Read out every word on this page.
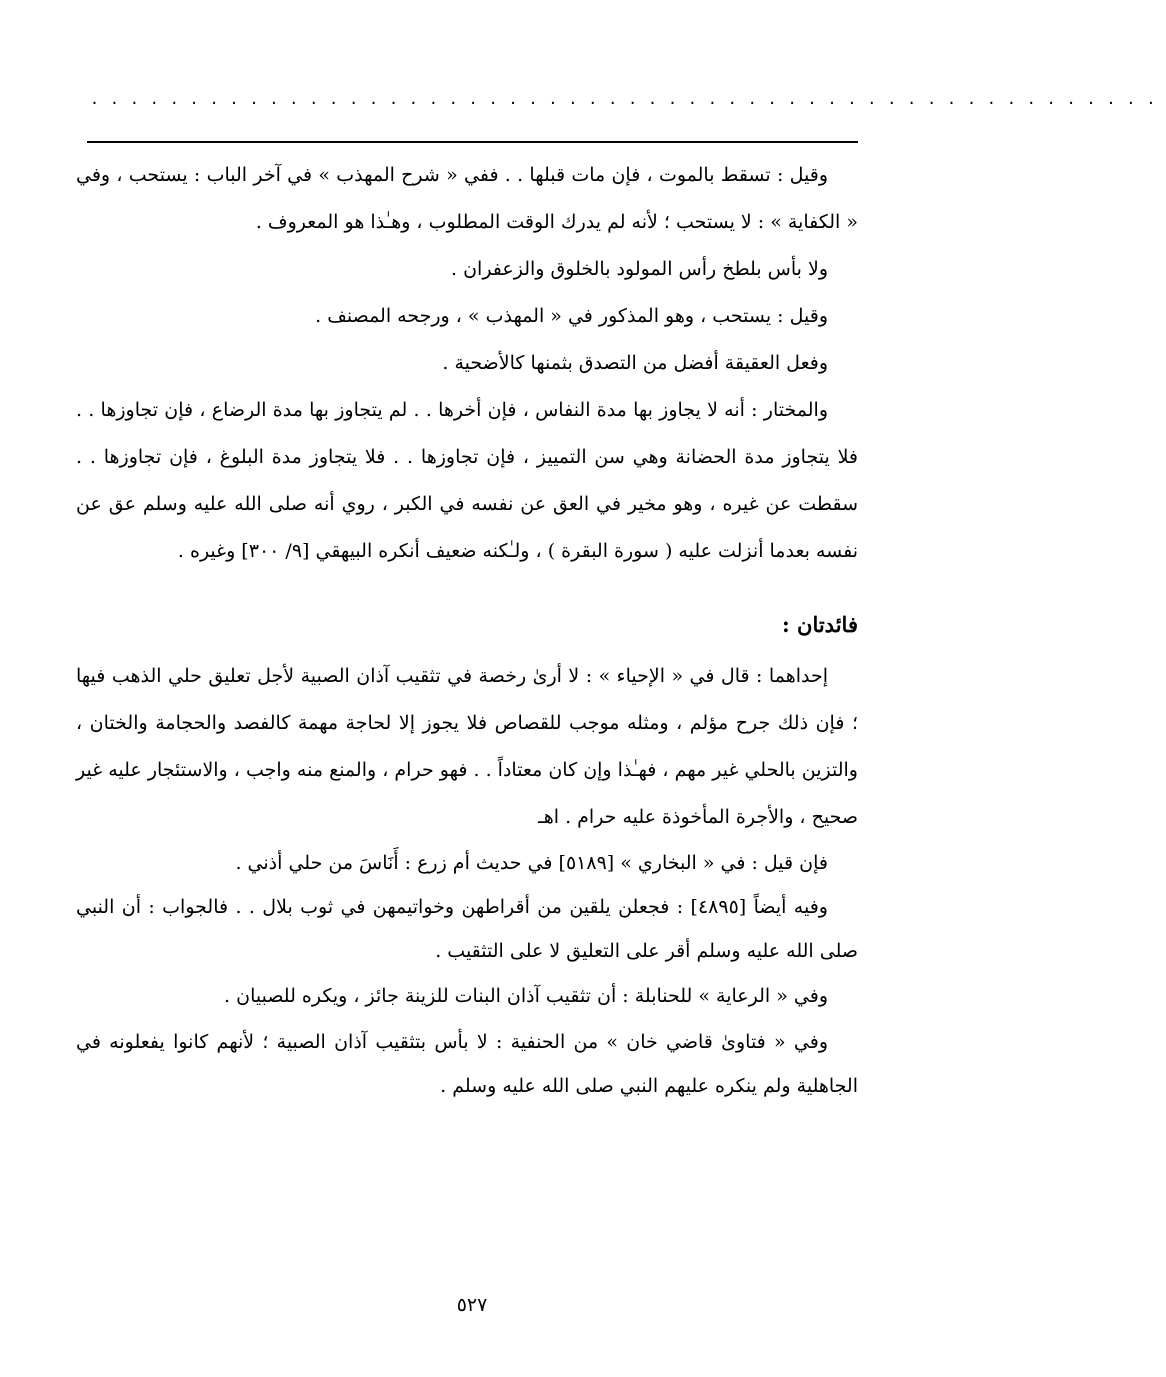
......................................................

وقيل : تسقط بالموت ، فإن مات قبلها . . ففي « شرح المهذب » في آخر الباب : يستحب ، وفي « الكفاية » : لا يستحب ؛ لأنه لم يدرك الوقت المطلوب ، وهـٰذا هو المعروف .

ولا بأس بلطخ رأس المولود بالخلوق والزعفران .

وقيل : يستحب ، وهو المذكور في « المهذب » ، ورجحه المصنف .

وفعل العقيقة أفضل من التصدق بثمنها كالأضحية .

والمختار : أنه لا يجاوز بها مدة النفاس ، فإن أخرها . . لم يتجاوز بها مدة الرضاع ، فإن تجاوزها . . فلا يتجاوز مدة الحضانة وهي سن التمييز ، فإن تجاوزها . . فلا يتجاوز مدة البلوغ ، فإن تجاوزها . . سقطت عن غيره ، وهو مخير في العق عن نفسه في الكبر ، روي أنه صلى الله عليه وسلم عق عن نفسه بعدما أنزلت عليه ( سورة البقرة ) ، ولـٰكنه ضعيف أنكره البيهقي [٩/ ٣٠٠] وغيره .

فائدتان :

إحداهما : قال في « الإحياء » : لا أرىٰ رخصة في تثقيب آذان الصبية لأجل تعليق حلي الذهب فيها ؛ فإن ذلك جرح مؤلم ، ومثله موجب للقصاص فلا يجوز إلا لحاجة مهمة كالفصد والحجامة والختان ، والتزين بالحلي غير مهم ، فهـٰذا وإن كان معتاداً . . فهو حرام ، والمنع منه واجب ، والاستئجار عليه غير صحيح ، والأجرة المأخوذة عليه حرام . اهـ

فإن قيل : في « البخاري » [٥١٨٩] في حديث أم زرع : أَنَاسَ من حلي أذني .

وفيه أيضاً [٤٨٩٥] : فجعلن يلقين من أقراطهن وخواتيمهن في ثوب بلال . . فالجواب : أن النبي صلى الله عليه وسلم أقر على التعليق لا على التثقيب .

وفي « الرعاية » للحنابلة : أن تثقيب آذان البنات للزينة جائز ، ويكره للصبيان .

وفي « فتاوىٰ قاضي خان » من الحنفية : لا بأس بتثقيب آذان الصبية ؛ لأنهم كانوا يفعلونه في الجاهلية ولم ينكره عليهم النبي صلى الله عليه وسلم .

٥٢٧
